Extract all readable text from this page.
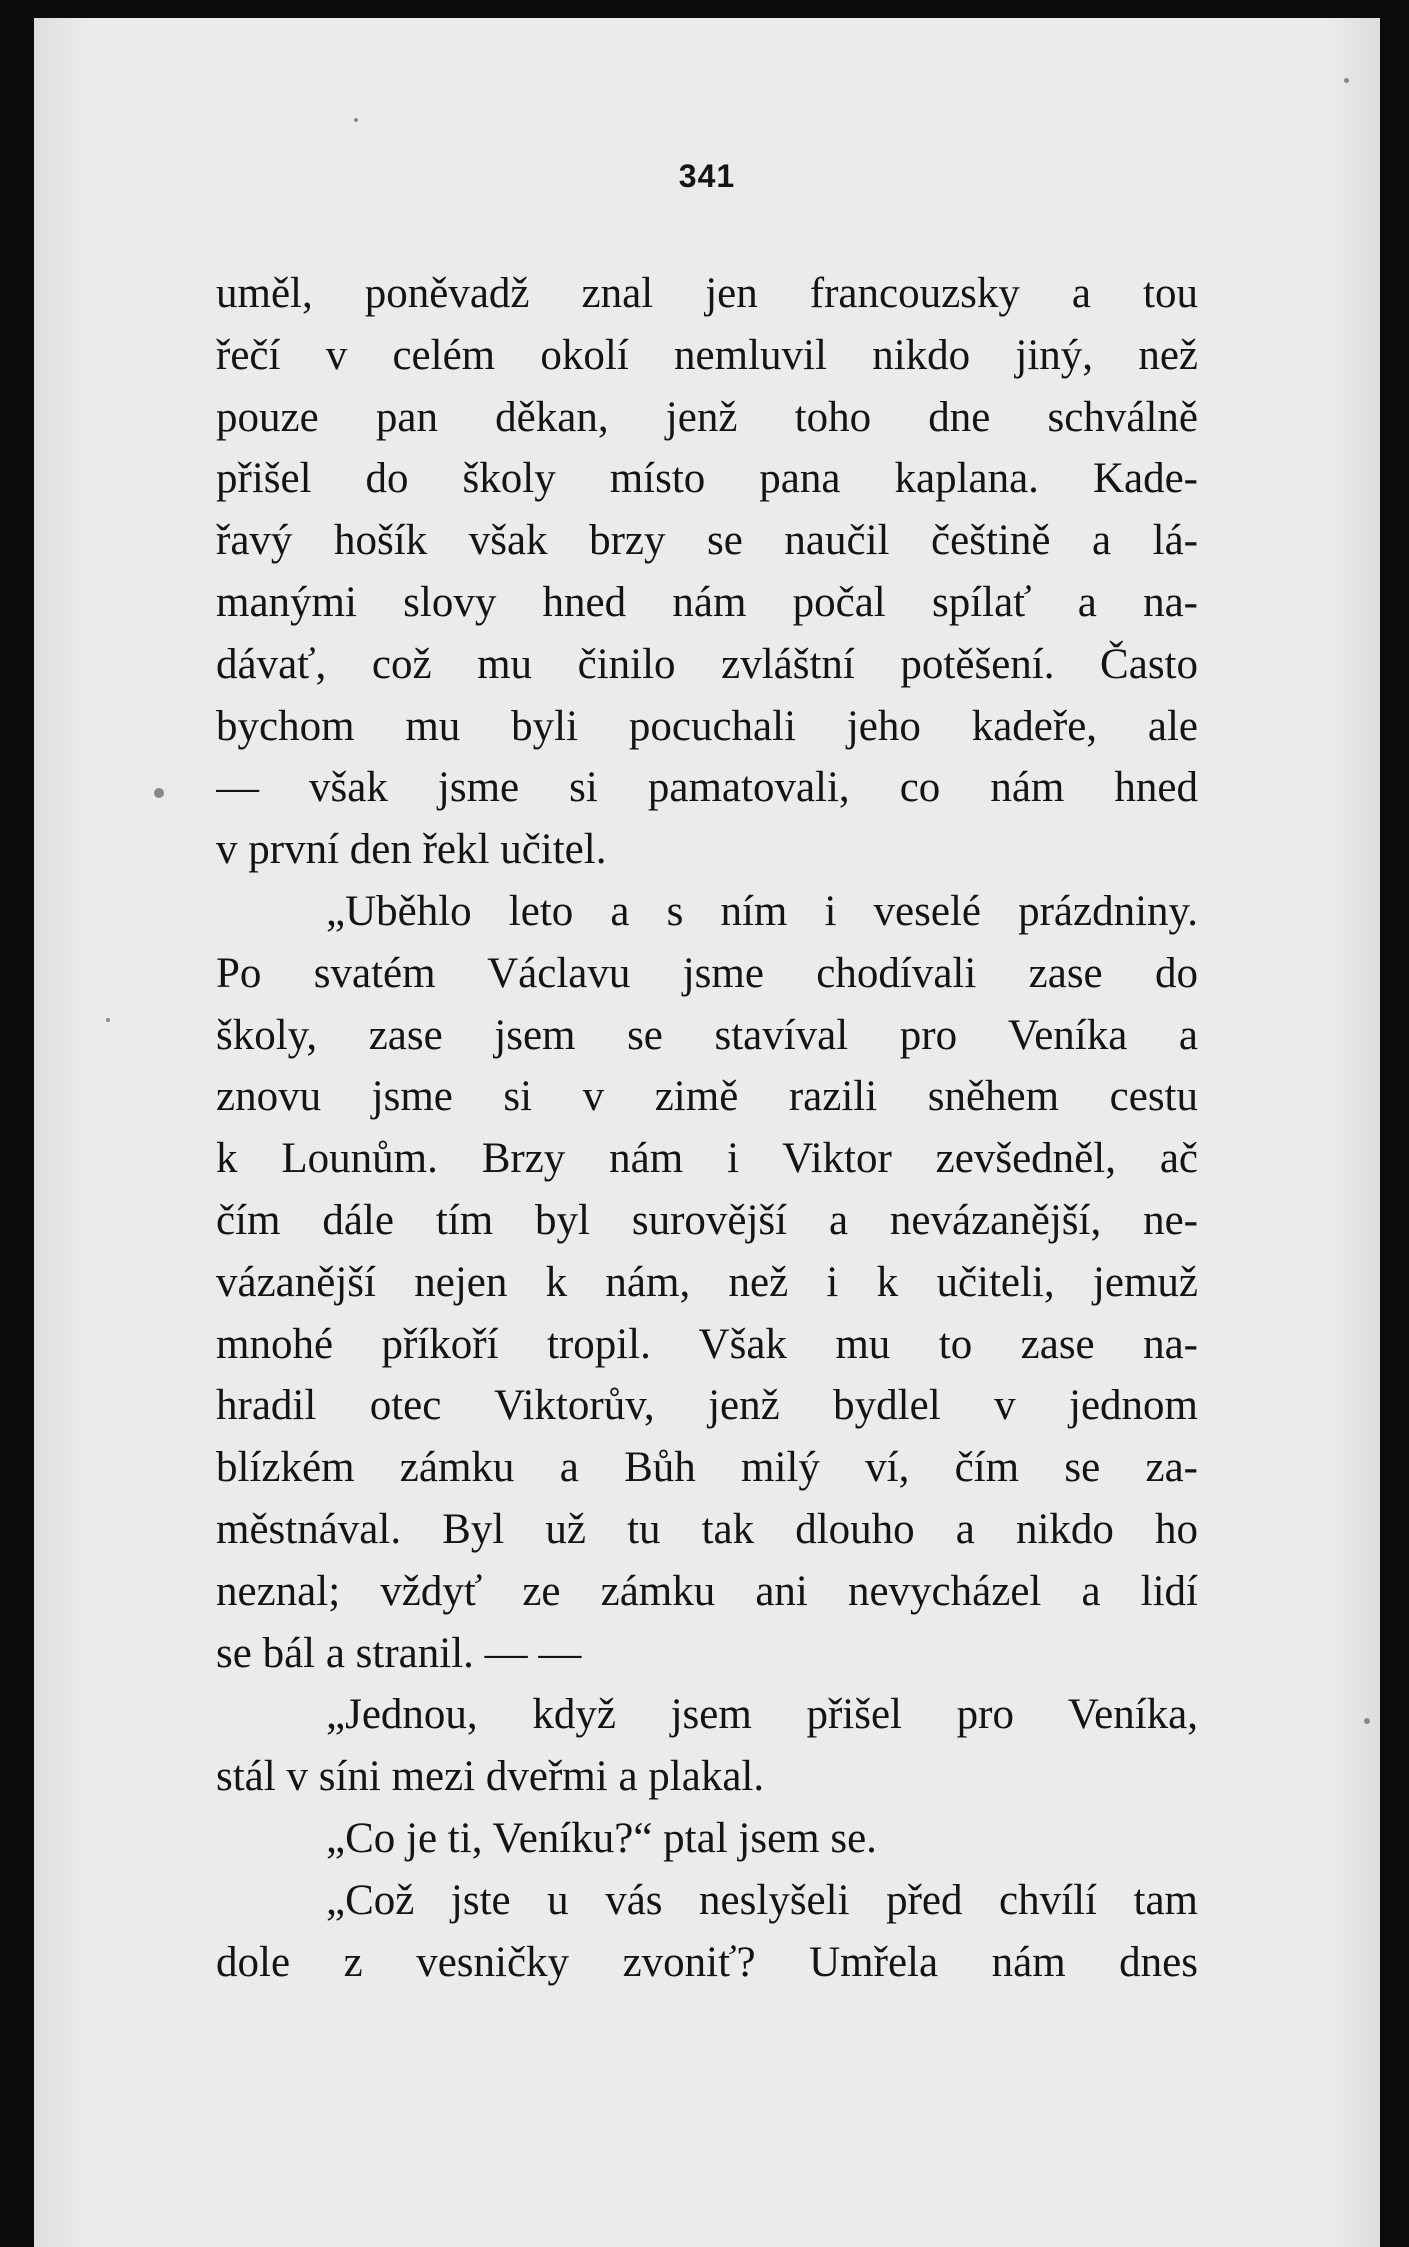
341
uměl, poněvadž znal jen francouzsky a tou
řečí v celém okolí nemluvil nikdo jiný, než
pouze pan děkan, jenž toho dne schválně
přišel do školy místo pana kaplana. Kade-
řavý hošík však brzy se naučil češtině a lá-
manými slovy hned nám počal spílať a na-
dávať, což mu činilo zvláštní potěšení. Často
bychom mu byli pocuchali jeho kadeře, ale
— však jsme si pamatovali, co nám hned
v první den řekl učitel.
„Uběhlo leto a s ním i veselé prázdniny.
Po svatém Václavu jsme chodívali zase do
školy, zase jsem se stavíval pro Veníka a
znovu jsme si v zimě razili sněhem cestu
k Lounům. Brzy nám i Viktor zevšedněl, ač
čím dále tím byl surovější a nevázanější, ne-
vázanější nejen k nám, než i k učiteli, jemuž
mnohé příkoří tropil. Však mu to zase na-
hradil otec Viktorův, jenž bydlel v jednom
blízkém zámku a Bůh milý ví, čím se za-
městnával. Byl už tu tak dlouho a nikdo ho
neznal; vždyť ze zámku ani nevycházel a lidí
se bál a stranil. — —
„Jednou, když jsem přišel pro Veníka,
stál v síni mezi dveřmi a plakal.
„Co je ti, Veníku?“ ptal jsem se.
„Což jste u vás neslyšeli před chvílí tam
dole z vesničky zvoniť? Umřela nám dnes
